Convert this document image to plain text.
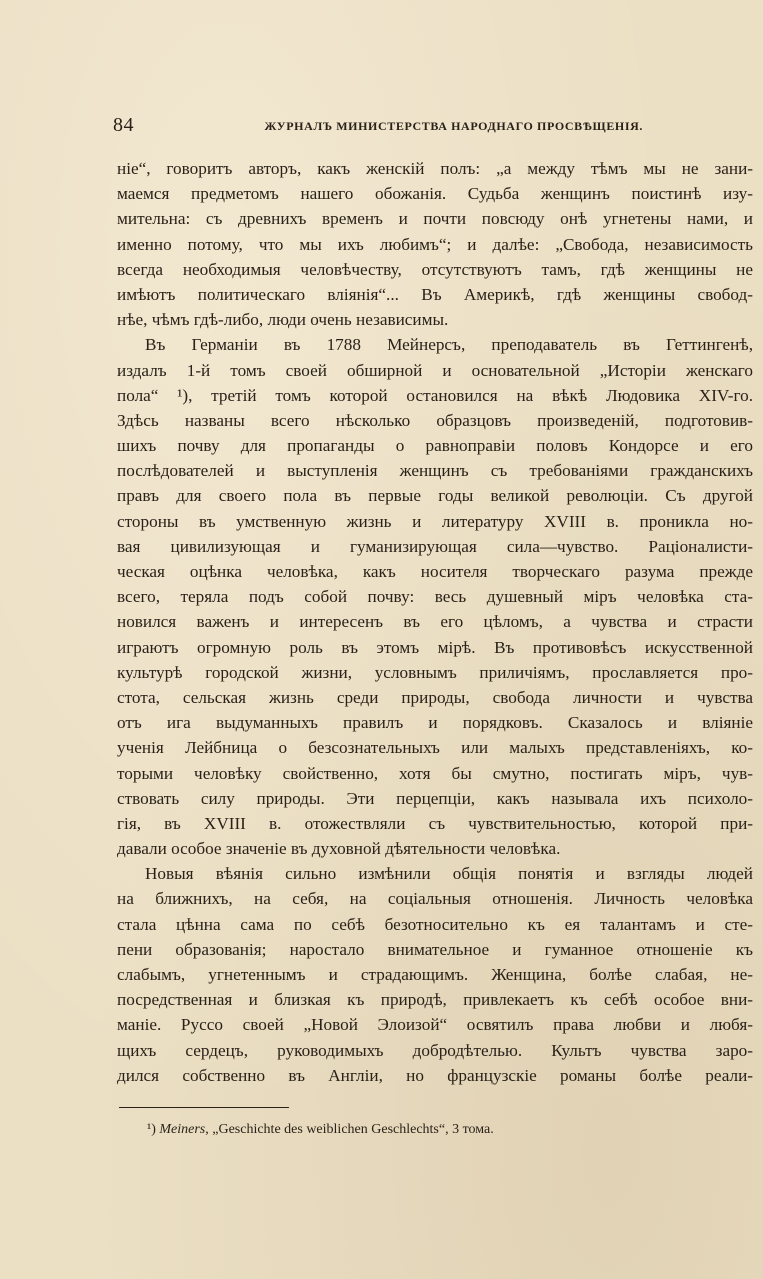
84	ЖУРНАЛЪ МИНИСТЕРСТВА НАРОДНАГО ПРОСВѢЩЕНІЯ.
ніе“, говоритъ авторъ, какъ женскій полъ: „а между тѣмъ мы не зани-
маемся предметомъ нашего обожанія. Судьба женщинъ поистинѣ изу-
мительна: съ древнихъ временъ и почти повсюду онѣ угнетены нами, и
именно потому, что мы ихъ любимъ“; и далѣе: „Свобода, независимость
всегда необходимыя человѣчеству, отсутствуютъ тамъ, гдѣ женщины не
имѣютъ политическаго вліянія“... Въ Америкѣ, гдѣ женщины свобод-
нѣе, чѣмъ гдѣ-либо, люди очень независимы.
Въ Германіи въ 1788 Мейнерсъ, преподаватель въ Геттингенѣ,
издалъ 1-й томъ своей обширной и основательной „Исторіи женскаго
пола“ ¹), третій томъ которой остановился на вѣкѣ Людовика XIV-го.
Здѣсь названы всего нѣсколько образцовъ произведеній, подготовив-
шихъ почву для пропаганды о равноправіи половъ Кондорсе и его
послѣдователей и выступленія женщинъ съ требованіями гражданскихъ
правъ для своего пола въ первые годы великой революціи. Съ другой
стороны въ умственную жизнь и литературу XVIII в. проникла но-
вая цивилизующая и гуманизирующая сила—чувство. Раціоналисти-
ческая оцѣнка человѣка, какъ носителя творческаго разума прежде
всего, теряла подъ собой почву: весь душевный міръ человѣка ста-
новился важенъ и интересенъ въ его цѣломъ, а чувства и страсти
играютъ огромную роль въ этомъ мірѣ. Въ противовѣсъ искусственной
культурѣ городской жизни, условнымъ приличіямъ, прославляется про-
стота, сельская жизнь среди природы, свобода личности и чувства
отъ ига выдуманныхъ правилъ и порядковъ. Сказалось и вліяніе
ученія Лейбница о безсознательныхъ или малыхъ представленіяхъ, ко-
торыми человѣку свойственно, хотя бы смутно, постигать міръ, чув-
ствовать силу природы. Эти перцепціи, какъ называла ихъ психоло-
гія, въ XVIII в. отожествляли съ чувствительностью, которой при-
давали особое значеніе въ духовной дѣятельности человѣка.
Новыя вѣянія сильно измѣнили общія понятія и взгляды людей
на ближнихъ, на себя, на соціальныя отношенія. Личность человѣка
стала цѣнна сама по себѣ безотносительно къ ея талантамъ и сте-
пени образованія; наростало внимательное и гуманное отношеніе къ
слабымъ, угнетеннымъ и страдающимъ. Женщина, болѣе слабая, не-
посредственная и близкая къ природѣ, привлекаетъ къ себѣ особое вни-
маніе. Руссо своей „Новой Элоизой“ освятилъ права любви и любя-
щихъ сердецъ, руководимыхъ добродѣтелью. Культъ чувства заро-
дился собственно въ Англіи, но французскіе романы болѣе реали-
¹) Meiners, „Geschichte des weiblichen Geschlechts“, 3 тома.
